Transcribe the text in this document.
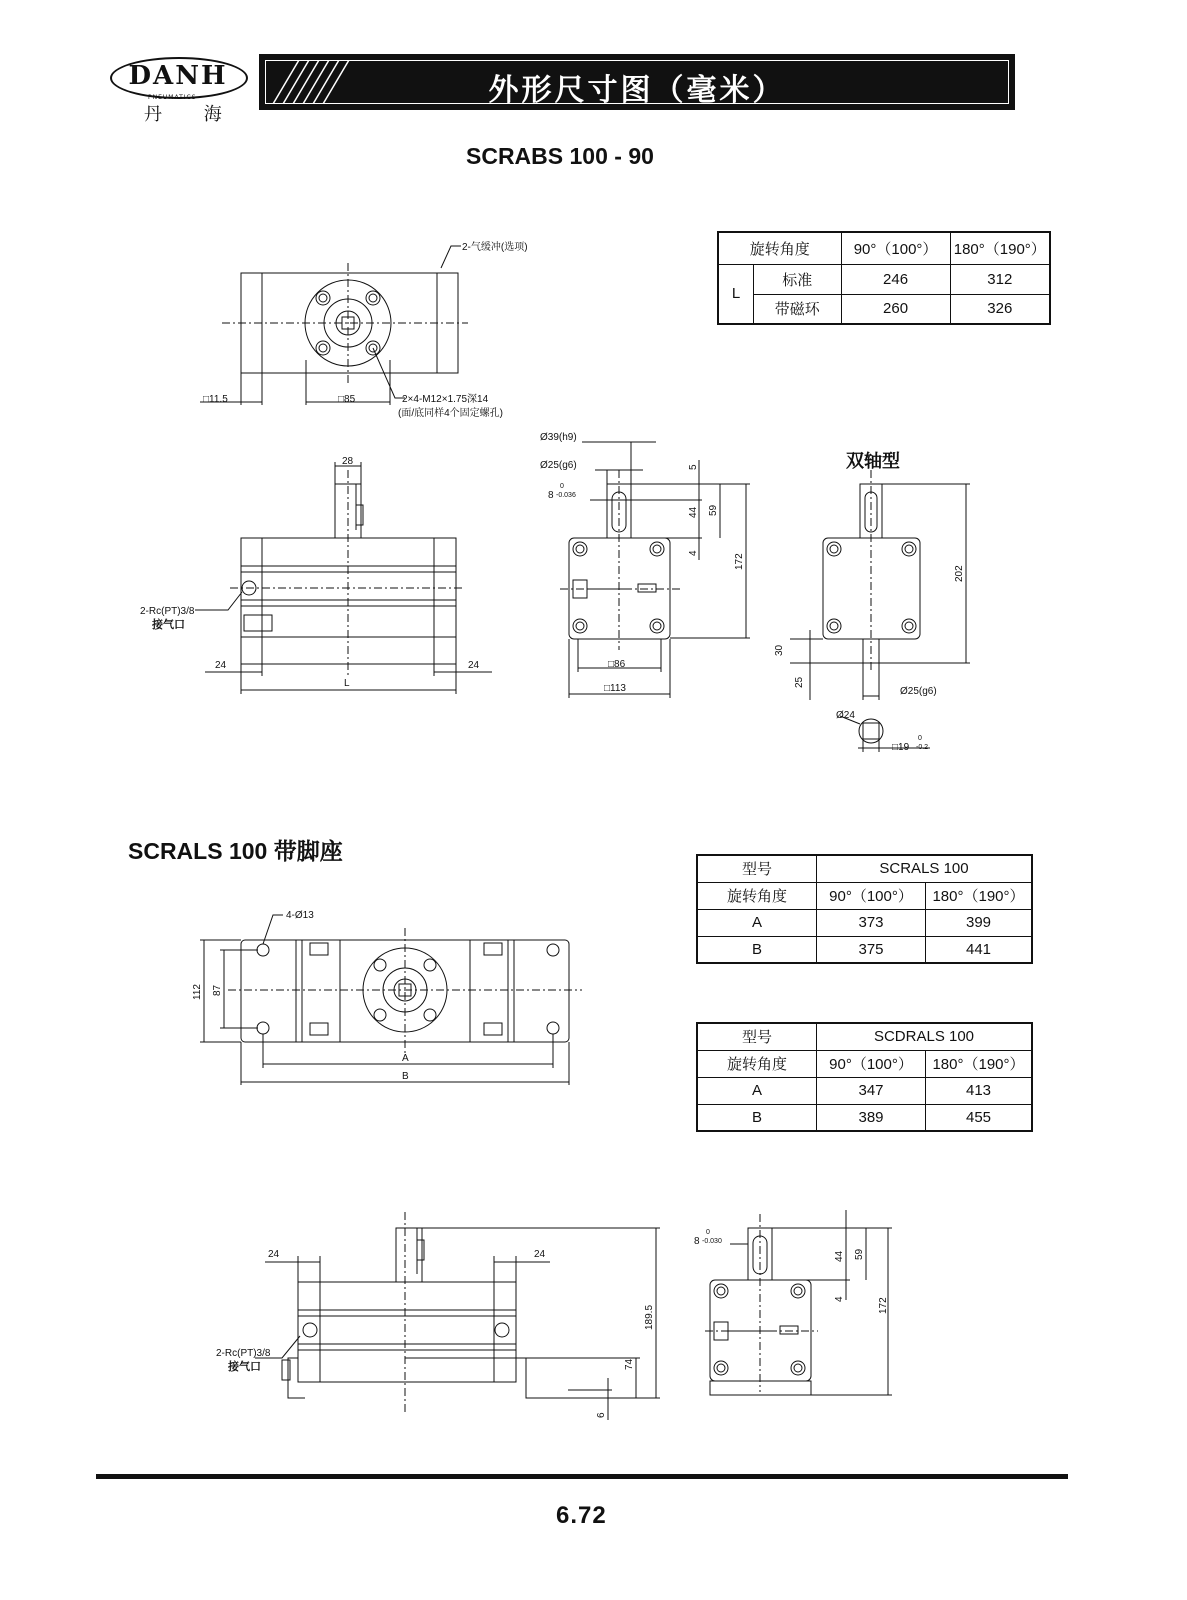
DANH
PNEUMATICS
丹 海
外形尺寸图（毫米）
SCRABS 100 - 90
旋转角度		90°（100°）	180°（190°）
L	标准	246	312
	带磁环	260	326
双轴型
SCRALS 100 带脚座
型号	SCRALS 100	
旋转角度	90°（100°）	180°（190°）
A	373	399
B	375	441
型号	SCDRALS 100	
旋转角度	90°（100°）	180°（190°）
A	347	413
B	389	455
2-气缓冲(选项)
□11.5	□85	2×4-M12×1.75深14
(面/底同样4个固定螺孔)
28
2-Rc(PT)3/8
接气口
24	24
L
Ø39(h9)
Ø25(g6)
8
0
-0.036
5
44 59
4
172
□86
□113
202
30
25
Ø25(g6)
Ø24
□19
0
-0.2
4-Ø13
112 87
A
B
24	24
189.5
74
6
2-Rc(PT)3/8
接气口
8
0
-0.030
44 59
4	172
6.72
